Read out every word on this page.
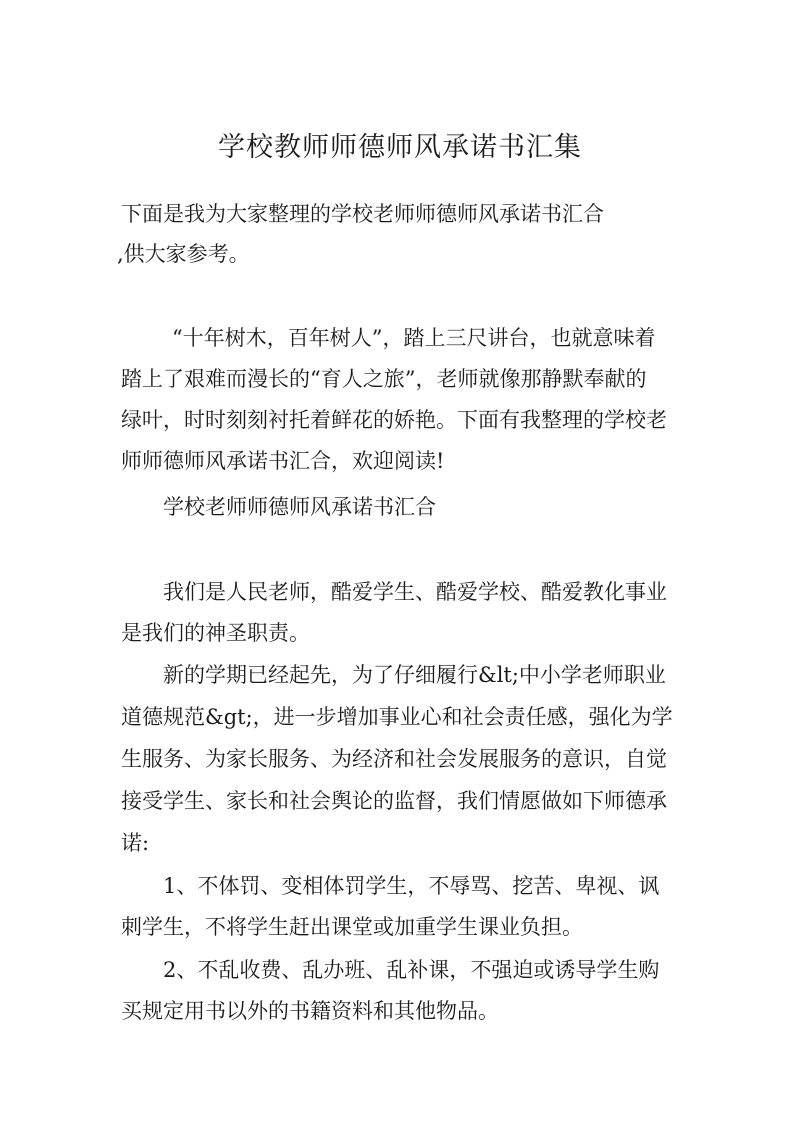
学校教师师德师风承诺书汇集

下面是我为大家整理的学校老师师德师风承诺书汇合

,供大家参考。

“十年树木，百年树人”，踏上三尺讲台，也就意味着

踏上了艰难而漫长的“育人之旅”，老师就像那静默奉献的

绿叶，时时刻刻衬托着鲜花的娇艳。下面有我整理的学校老

师师德师风承诺书汇合，欢迎阅读!

学校老师师德师风承诺书汇合

我们是人民老师，酷爱学生、酷爱学校、酷爱教化事业

是我们的神圣职责。

新的学期已经起先，为了仔细履行&lt;中小学老师职业

道德规范&gt;，进一步增加事业心和社会责任感，强化为学

生服务、为家长服务、为经济和社会发展服务的意识，自觉

接受学生、家长和社会舆论的监督，我们情愿做如下师德承

诺:

1、不体罚、变相体罚学生，不辱骂、挖苦、卑视、讽

刺学生，不将学生赶出课堂或加重学生课业负担。

2、不乱收费、乱办班、乱补课，不强迫或诱导学生购

买规定用书以外的书籍资料和其他物品。
